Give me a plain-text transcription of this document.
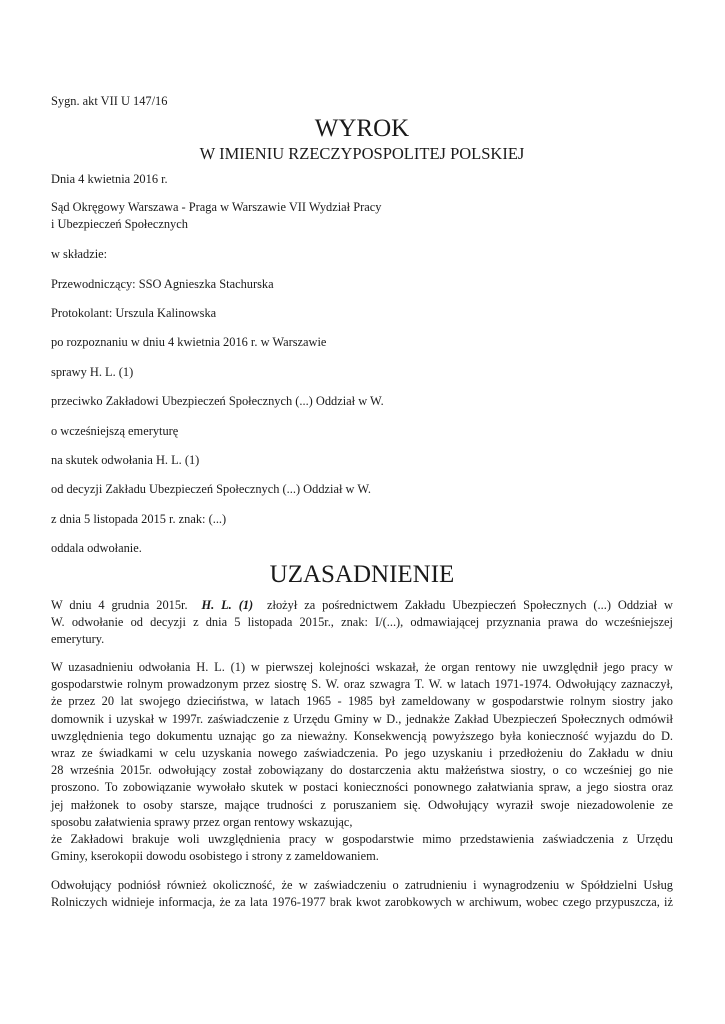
Sygn. akt VII U 147/16
WYROK
W IMIENIU RZECZYPOSPOLITEJ POLSKIEJ
Dnia 4 kwietnia 2016 r.
Sąd Okręgowy Warszawa - Praga w Warszawie VII Wydział Pracy
i Ubezpieczeń Społecznych
w składzie:
Przewodniczący: SSO Agnieszka Stachurska
Protokolant: Urszula Kalinowska
po rozpoznaniu w dniu 4 kwietnia 2016 r. w Warszawie
sprawy H. L. (1)
przeciwko Zakładowi Ubezpieczeń Społecznych (...) Oddział w W.
o wcześniejszą emeryturę
na skutek odwołania H. L. (1)
od decyzji Zakładu Ubezpieczeń Społecznych (...) Oddział w W.
z dnia 5 listopada 2015 r. znak: (...)
oddala odwołanie.
UZASADNIENIE
W dniu 4 grudnia 2015r. H. L. (1) złożył za pośrednictwem Zakładu Ubezpieczeń Społecznych (...) Oddział w
W. odwołanie od decyzji z dnia 5 listopada 2015r., znak: I/(...), odmawiającej przyznania prawa do wcześniejszej
emerytury.
W uzasadnieniu odwołania H. L. (1) w pierwszej kolejności wskazał, że organ rentowy nie uwzględnił jego pracy w
gospodarstwie rolnym prowadzonym przez siostrę S. W. oraz szwagra T. W. w latach 1971-1974. Odwołujący zaznaczył,
że przez 20 lat swojego dzieciństwa, w latach 1965 - 1985 był zameldowany w gospodarstwie rolnym siostry jako
domownik i uzyskał w 1997r. zaświadczenie z Urzędu Gminy w D., jednakże Zakład Ubezpieczeń Społecznych odmówił
uwzględnienia tego dokumentu uznając go za nieważny. Konsekwencją powyższego była konieczność wyjazdu do D.
wraz ze świadkami w celu uzyskania nowego zaświadczenia. Po jego uzyskaniu i przedłożeniu do Zakładu w dniu
28 września 2015r. odwołujący został zobowiązany do dostarczenia aktu małżeństwa siostry, o co wcześniej go nie
proszono. To zobowiązanie wywołało skutek w postaci konieczności ponownego załatwiania spraw, a jego siostra oraz
jej małżonek to osoby starsze, mające trudności z poruszaniem się. Odwołujący wyraził swoje niezadowolenie ze
sposobu załatwienia sprawy przez organ rentowy wskazując,
że Zakładowi brakuje woli uwzględnienia pracy w gospodarstwie mimo przedstawienia zaświadczenia z Urzędu
Gminy, kserokopii dowodu osobistego i strony z zameldowaniem.
Odwołujący podniósł również okoliczność, że w zaświadczeniu o zatrudnieniu i wynagrodzeniu w Spółdzielni Usług
Rolniczych widnieje informacja, że za lata 1976-1977 brak kwot zarobkowych w archiwum, wobec czego przypuszcza, iż
